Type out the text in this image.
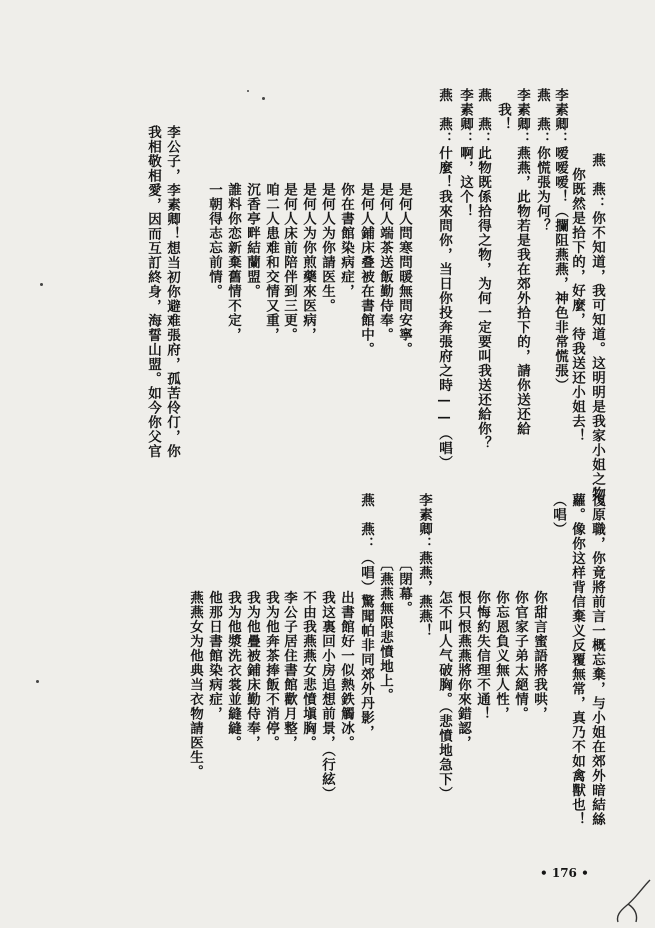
燕　燕：你不知道，我可知道。这明明是我家小姐之物。
　你既然是拾下的，好麼，待我送还小姐去！
李素卿：嗳嗳嗳！（攔阻燕燕，神色非常慌張）
燕　燕：你慌張为何？
李素卿：燕燕，此物若是我在郊外拾下的，請你送还給
　我！
燕　燕：此物既係拾得之物，为何一定要叫我送还給你？
李素卿：啊，这个！
燕　燕：什麼！我來問你，当日你投奔張府之時——（唱）
　是何人問寒問暖無問安寧。
　是何人端茶送飯勤侍奉。
　是何人鋪床叠被在書館中。
　你在書館染病症，
　是何人为你請医生。
　是何人为你煎藥來医病，
　是何人床前陪伴到三更。
　咱二人患难和交情又重，
　沉香亭畔結蘭盟。
　誰料你恋新棄舊情不定，
　一朝得志忘前情。
李公子，李素卿！想当初你避难張府，孤苦伶仃，你
我相敬相愛，因而互訂終身，海誓山盟。如今你父官
復原職，你竟將前言一概忘棄，与小姐在郊外暗結絲
蘿。像你这样背信棄义反覆無常，真乃不如禽獸也！
（唱）
　你甜言蜜語將我哄，
　你官家子弟太絕情。
　你忘恩負义無人性，
　你悔約失信理不通！
　恨只恨燕燕將你來錯認，
　怎不叫人气破胸。（悲憤地急下）
李素卿：燕燕，燕燕！
　〔閉幕。
　〔燕燕無限悲憤地上。
燕　燕：（唱）驚聞帕非同郊外丹影，
　出書館好一似熱鉄觸冰。
　我这裏回小房追想前景，（行絃）
　不由我燕燕女悲憤塡胸。
　李公子居住書館歡月整，
　我为他奔茶捧飯不消停。
　我为他疊被鋪床勤侍奉，
　我为他漿洗衣裳並縫縫。
　他那日書館染病症，
　燕燕女为他典当衣物請医生。
• 176 •
